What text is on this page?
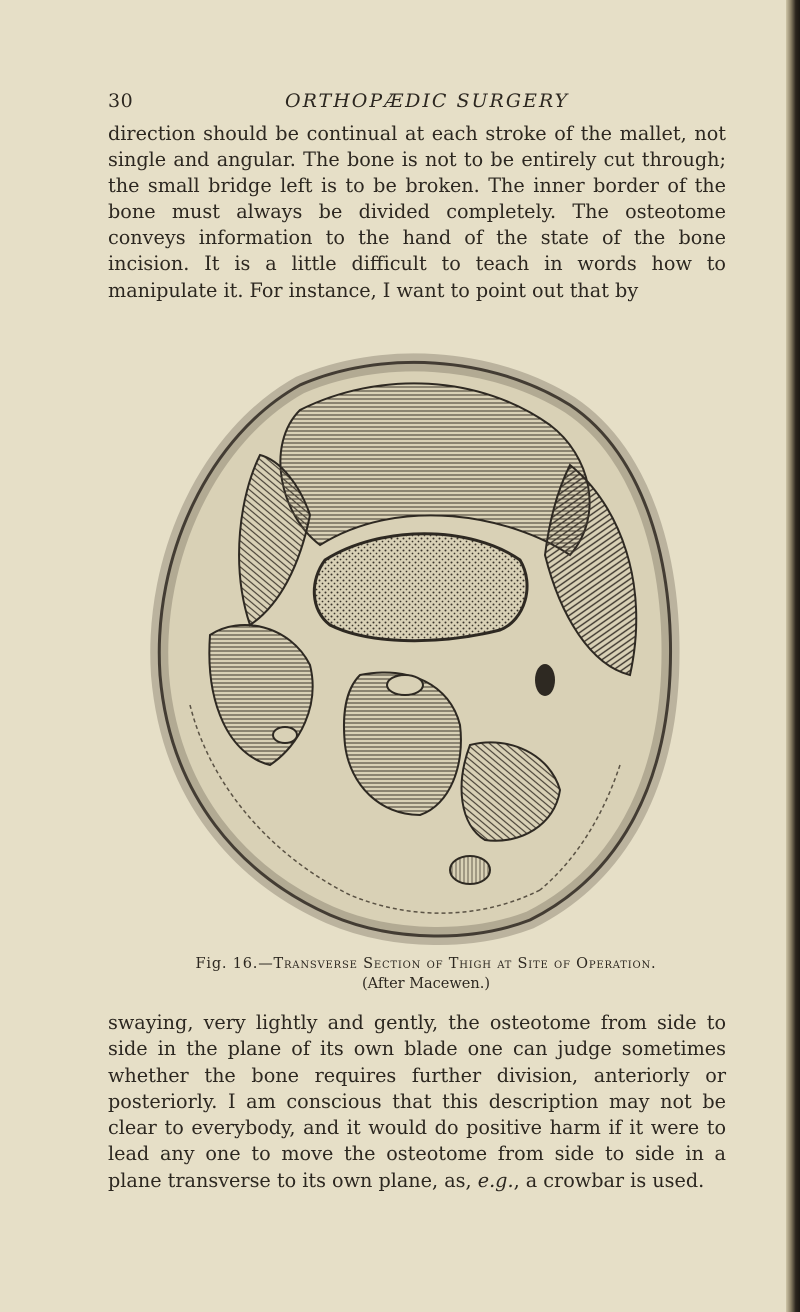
30	ORTHOPÆDIC SURGERY

direction should be continual at each stroke of the mallet, not single and angular. The bone is not to be entirely cut through; the small bridge left is to be broken. The inner border of the bone must always be divided completely. The osteotome conveys information to the hand of the state of the bone incision. It is a little difficult to teach in words how to manipulate it. For instance, I want to point out that by

Fig. 16.—Transverse Section of Thigh at Site of Operation.

(After Macewen.)

swaying, very lightly and gently, the osteotome from side to side in the plane of its own blade one can judge sometimes whether the bone requires further division, anteriorly or posteriorly. I am conscious that this description may not be clear to everybody, and it would do positive harm if it were to lead any one to move the osteotome from side to side in a plane transverse to its own plane, as, e.g., a crowbar is used.
